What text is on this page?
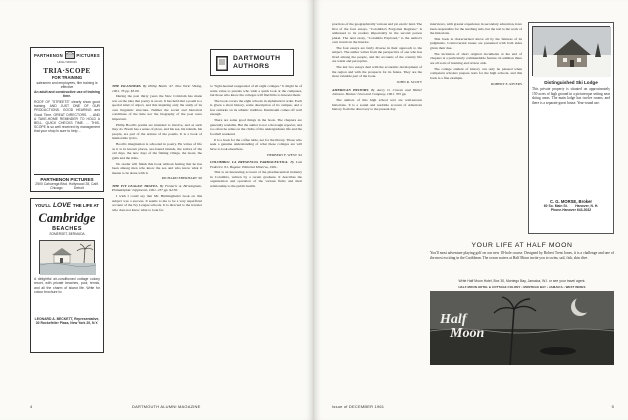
PARTHENON	PICTURES
HOLLYWOOD
TRIA·SCOPE
FOR TRAINING
salesmen and employees, film training is effective
An adult and constructive use of training time.
ROOF OF "STREETS" clearly show good training. AND JUST ONE OF OUR PRODUCTIONS. GOOD HEARING and Good Time. GREAT DIRECTORS. ... AND A TAKE-HOME REMINDER TO HOLD A BELL. QUICK CHECKS TIME. ... THIS-SCOPE is so well received by management that your shop is sure to help ...
PARTHENON PICTURES
2500 Cahuenga Blvd. Hollywood 28, Calif.
Chicago            Detroit
YOU'LL LOVE THE LIFE AT
Cambridge
BEACHES
SOMERSET, BERMUDA
A delightful air-conditioned cottage colony resort, with private beaches, pool, tennis, and all the charm of island life. Write for colour brochure to:
LEONARD A. BECKETT, Representative, 30 Rockefeller Plaza, New York 20, N.Y.

THE ISLANDERS. By Philip Booth '47. New York: Viking, 1961. 76 pp. $3.00.

During the past thirty years the New Criticism has made war on the idea that poetry is an art. It has held that a poem is a special kind of object, and this inspiring only the study of its own linguistic structure. Neither the social and historical conditions of the time nor the biography of the poet were important.

Philip Booth's poems are intended to involve, and as such they do. Booth has a sense of place, and his sea, his islands, his people, are part of the texture of the poems. It is a book of memorable lyrics.

Booth's imagination is schooled in poetry. He writes of life as it is in known places, sea-bound islands, the sailors of the old days, the new days of the fishing village, the boats, the gulls and the tides.

No reader will finish this book without feeling that he has been among men who know the sea and who know what it means to be alone with it.

RICHARD EBERHART '26

THE IVY LEAGUE TRAVEL. By Frederic A. Birmingham. Philadelphia: Lippincott, 1961. 237 pp. $4.50.

I wish I could say that Mr. Birmingham's book on this subject was a success. It seems to me to be a very superficial account of the Ivy League schools. It is directed to the traveler who does not know what to look for.

to "light-hearted reappraisal of all eight colleges." It might be of some value to parents who wish a quick look at the campuses, but those who know the colleges will find little to interest them.

The book covers the eight schools in alphabetical order. Each is given a short history, some description of its campus, and a few remarks on its athletic tradition. Dartmouth comes off well enough.

There are some good things in the book. The chapters are generally readable. But the author is not a thorough reporter, and too often he relies on the cliche of the undergraduate life and the football weekend.

It is a book for the coffee table, not for the library. Those who seek a genuine understanding of what these colleges are will have to look elsewhere.

HERBERT F. WEST '22

COLOMBIA: LA PRESENCIA FARMACEUTICA. By Luis Federico '61. Bogota: Editorial Minerva, 1961.

This is an interesting account of the pharmaceutical industry in Colombia, written by a recent graduate. It describes the organization and operation of the various firms and their relationship to the public health.

4	DARTMOUTH ALUMNI MAGAZINE
DARTMOUTH
AUTHORS

practices of the geographically various and yet exotic land. The first of the four essays, "Colombia's Forgotten Regions," is addressed to its readers importantly in the second person plural. The next essay, "Colombia Explored," is the author's own travels in the interior.

The four essays are fairly diverse in their approach to the subject. The author writes from the perspective of one who has lived among the people, and his accounts of the country life are warm and perceptive.

The last two essays deal with the economic development of the region and with the prospects for its future. They are the most valuable part of the book.

JOHN R. SCOTT

AMERICAN HISTORY. By Avery O. Craven and Walter Johnson. Boston: Ginn and Company, 1961. 765 pp.

The authors of this high school text are well-known historians. It is a sound and readable account of American history from the discovery to the present day.

interviews, with greater experience in secondary education, have been responsible for the teaching aids, but the text is the work of the historians.

This book is characterized above all by the fairness of its judgments. Controversial issues are presented with both sides given their due.

The inclusion of short original documents at the end of chapters is a particularly commendable feature. In addition there are all sorts of learning and review aids.

The college student of history can only be pleased when competent scholars prepare texts for the high schools, and this book is a fine example.

ROBERT E. RIVERS	Distinguished Ski Lodge
This private property is situated on approximately 150 acres of high ground in a picturesque setting near skiing areas. The main lodge has twelve rooms, and there is a separate guest house. Year-round use.
C. G. MORSE, Broker
60 So. Main St.        Hanover, N. H.
Phone-Hanover 643-3032
YOUR LIFE AT HALF MOON
You'll most adventure playing golf on our new 18-hole course. Designed by Robert Trent Jones, it is a challenge and one of the most exciting in the Caribbean. The ocean waters at Half Moon invite you to swim, sail, fish, skin dive.
Write Half Moon Hotel, Box 30, Montego Bay, Jamaica, W.I. or see your travel agent.
HALF MOON HOTEL & COTTAGE COLONY • MONTEGO BAY • JAMAICA • WEST INDIES
Half
Moon
Issue of DECEMBER 1961	5
